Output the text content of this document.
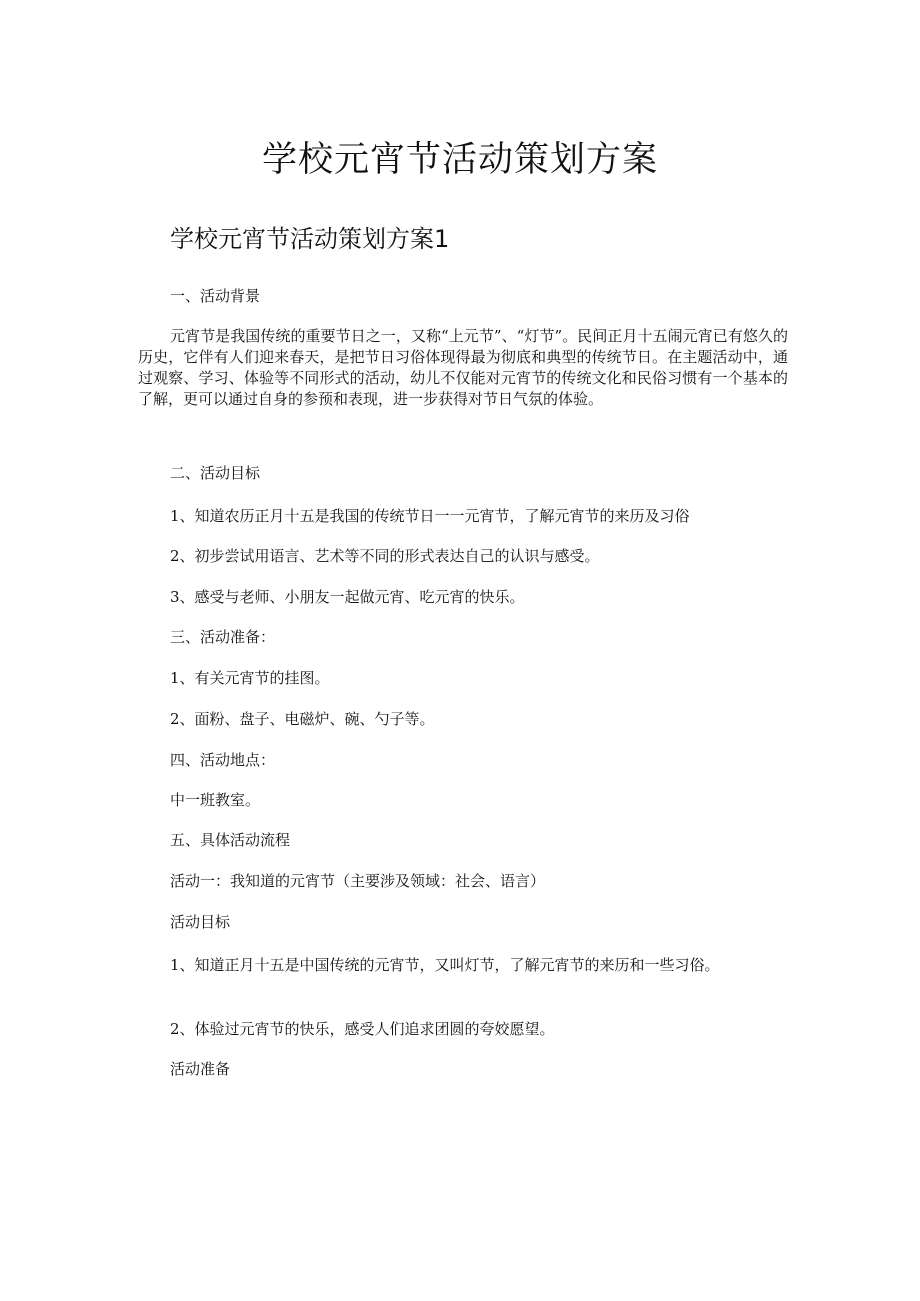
学校元宵节活动策划方案
学校元宵节活动策划方案1
一、活动背景
元宵节是我国传统的重要节日之一，又称“上元节”、“灯节”。民间正月十五闹元宵已有悠久的历史，它伴有人们迎来春天，是把节日习俗体现得最为彻底和典型的传统节日。在主题活动中，通过观察、学习、体验等不同形式的活动，幼儿不仅能对元宵节的传统文化和民俗习惯有一个基本的了解，更可以通过自身的参预和表现，进一步获得对节日气氛的体验。
二、活动目标
1、知道农历正月十五是我国的传统节日一一元宵节，了解元宵节的来历及习俗
2、初步尝试用语言、艺术等不同的形式表达自己的认识与感受。
3、感受与老师、小朋友一起做元宵、吃元宵的快乐。
三、活动准备：
1、有关元宵节的挂图。
2、面粉、盘子、电磁炉、碗、勺子等。
四、活动地点：
中一班教室。
五、具体活动流程
活动一：我知道的元宵节（主要涉及领域：社会、语言）
活动目标
1、知道正月十五是中国传统的元宵节，又叫灯节，了解元宵节的来历和一些习俗。
2、体验过元宵节的快乐，感受人们追求团圆的夸姣愿望。
活动准备
